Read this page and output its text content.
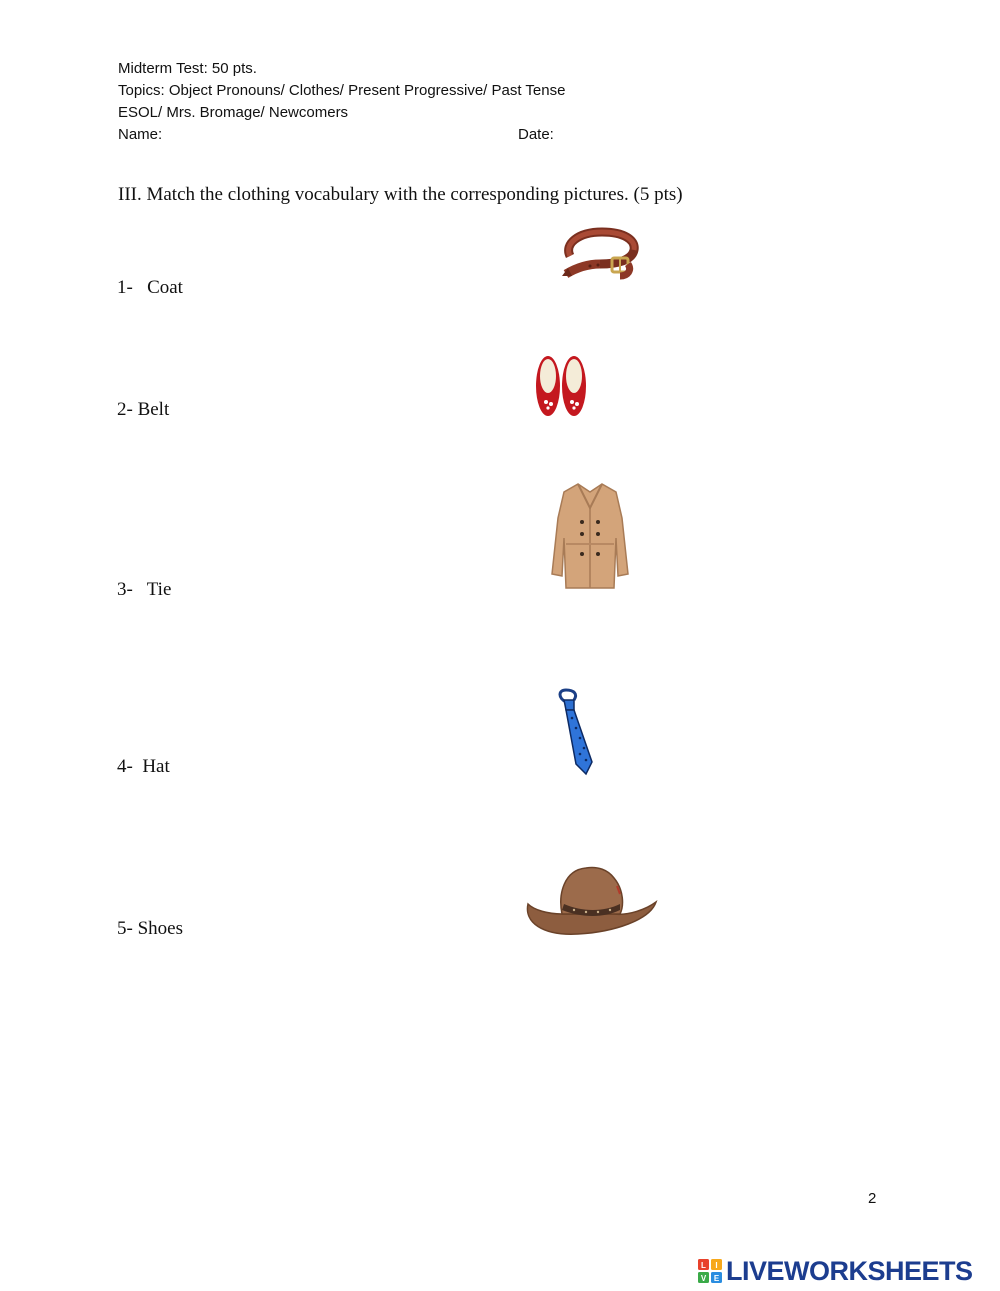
Midterm Test: 50 pts.
Topics: Object Pronouns/ Clothes/ Present Progressive/ Past Tense
ESOL/ Mrs. Bromage/ Newcomers
Name:	Date:
III. Match the clothing vocabulary with the corresponding pictures. (5 pts)
1-   Coat
2- Belt
3-   Tie
4-  Hat
5- Shoes
2
L I
V E LIVEWORKSHEETS
